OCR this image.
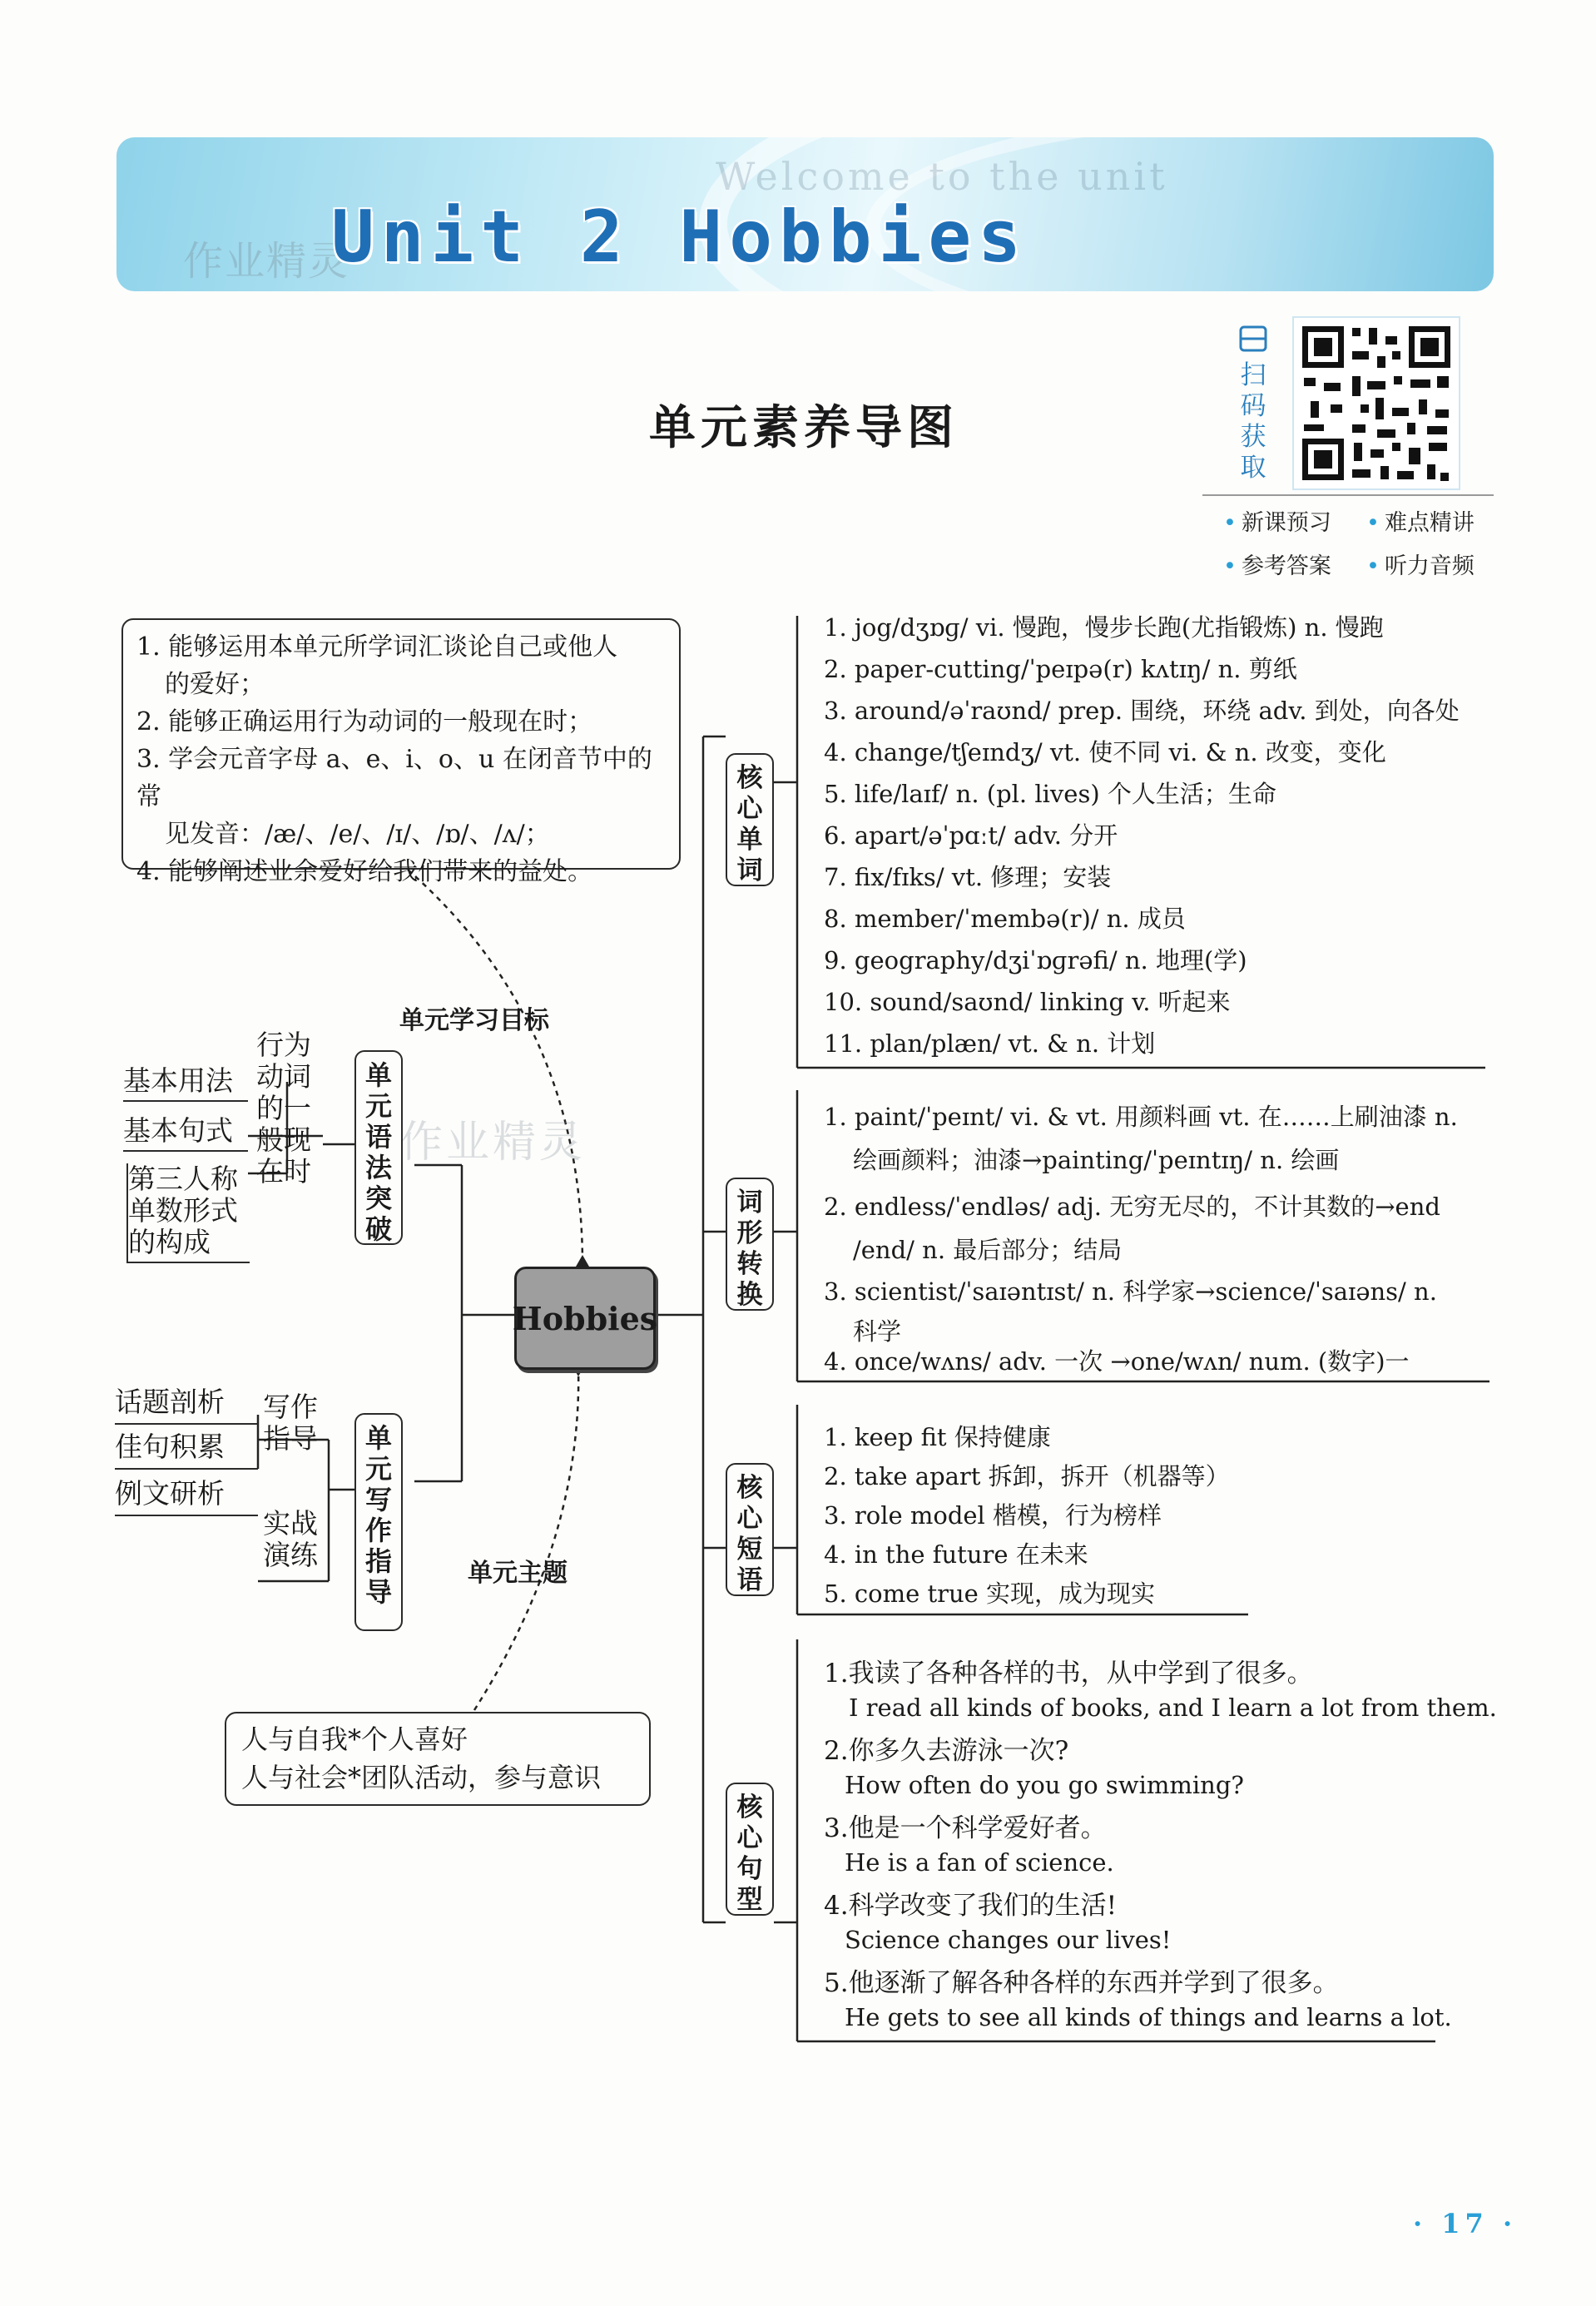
Welcome to the unit
作业精灵
Unit 2 Hobbies
单元素养导图
扫码获取
• 新课预习 • 难点精讲
• 参考答案 • 听力音频
1. 能够运用本单元所学词汇谈论自己或他人
的爱好；
2. 能够正确运用行为动词的一般现在时；
3. 学会元音字母 a、e、i、o、u 在闭音节中的常
见发音：/æ/、/e/、/ɪ/、/ɒ/、/ʌ/；
4. 能够阐述业余爱好给我们带来的益处。
单元学习目标
Hobbies
作业精灵
单元语法突破
行为
动词
的一
般现
在时
基本用法
基本句式
第三人称
单数形式
的构成
单元写作指导
写作
指导
实战
演练
话题剖析
佳句积累
例文研析
单元主题
人与自我*个人喜好
人与社会*团队活动，参与意识
核心单词
词形转换
核心短语
核心句型
1. jog/dʒɒɡ/ vi. 慢跑，慢步长跑(尤指锻炼) n. 慢跑
2. paper-cutting/ˈpeɪpə(r) kʌtɪŋ/ n. 剪纸
3. around/əˈraʊnd/ prep. 围绕，环绕 adv. 到处，向各处
4. change/tʃeɪndʒ/ vt. 使不同 vi. & n. 改变，变化
5. life/laɪf/ n. (pl. lives) 个人生活；生命
6. apart/əˈpɑːt/ adv. 分开
7. fix/fɪks/ vt. 修理；安装
8. member/ˈmembə(r)/ n. 成员
9. geography/dʒiˈɒɡrəfi/ n. 地理(学)
10. sound/saʊnd/ linking v. 听起来
11. plan/plæn/ vt. & n. 计划
1. paint/ˈpeɪnt/ vi. & vt. 用颜料画 vt. 在……上刷油漆 n.
绘画颜料；油漆→painting/ˈpeɪntɪŋ/ n. 绘画
2. endless/ˈendləs/ adj. 无穷无尽的，不计其数的→end
/end/ n. 最后部分；结局
3. scientist/ˈsaɪəntɪst/ n. 科学家→science/ˈsaɪəns/ n.
科学
4. once/wʌns/ adv. 一次 →one/wʌn/ num. (数字)一
1. keep fit 保持健康
2. take apart 拆卸，拆开（机器等）
3. role model 楷模，行为榜样
4. in the future 在未来
5. come true 实现，成为现实
1.我读了各种各样的书，从中学到了很多。
I read all kinds of books, and I learn a lot from them.
2.你多久去游泳一次?
How often do you go swimming?
3.他是一个科学爱好者。
He is a fan of science.
4.科学改变了我们的生活!
Science changes our lives!
5.他逐渐了解各种各样的东西并学到了很多。
He gets to see all kinds of things and learns a lot.
· 17 ·
